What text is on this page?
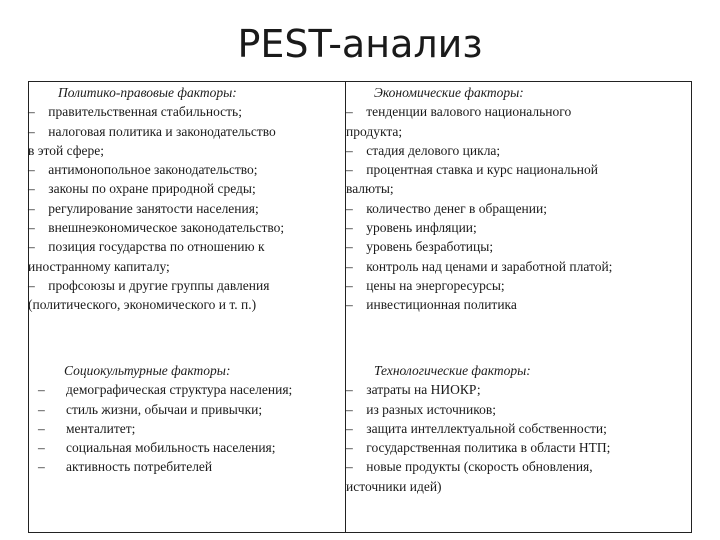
PEST-анализ
Политико-правовые факторы:
–    правительственная стабильность;
–    налоговая политика и законодательство
в этой сфере;
–    антимонопольное законодательство;
–    законы по охране природной среды;
–    регулирование занятости населения;
–    внешнеэкономическое законодательство;
–    позиция государства по отношению к
иностранному капиталу;
–    профсоюзы и другие группы давления
(политического, экономического и т. п.)
Экономические факторы:
–    тенденции валового национального
продукта;
–    стадия делового цикла;
–    процентная ставка и курс национальной
валюты;
–    количество денег в обращении;
–    уровень инфляции;
–    уровень безработицы;
–    контроль над ценами и заработной платой;
–    цены на энергоресурсы;
–    инвестиционная политика
Социокультурные факторы:
– демографическая структура населения;
– стиль жизни, обычаи и привычки;
– менталитет;
– социальная мобильность населения;
– активность потребителей
Технологические факторы:
–    затраты на НИОКР;
–    из разных источников;
–    защита интеллектуальной собственности;
–    государственная политика в области НТП;
–    новые продукты (скорость обновления,
источники идей)
